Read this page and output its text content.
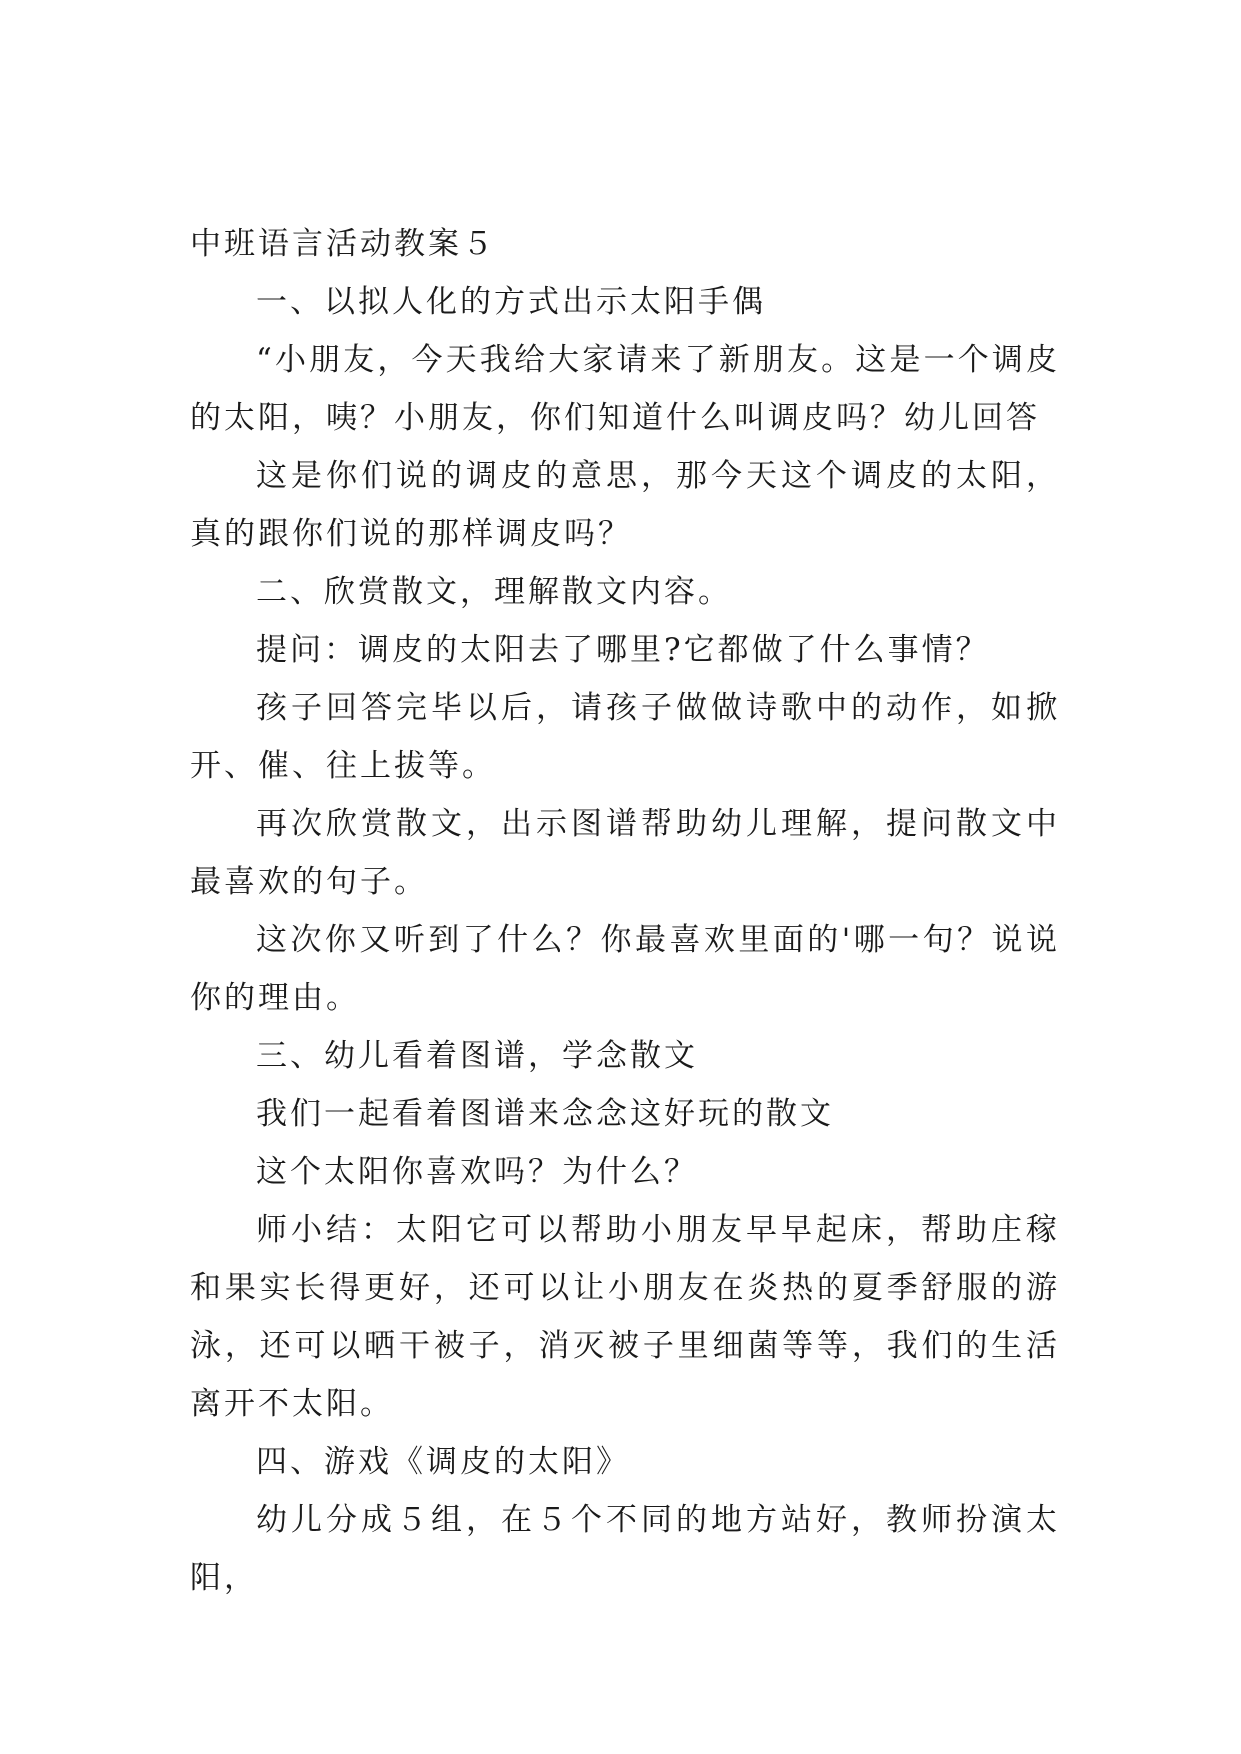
中班语言活动教案５

一、以拟人化的方式出示太阳手偶

“小朋友，今天我给大家请来了新朋友。这是一个调皮的太阳，咦？小朋友，你们知道什么叫调皮吗？幼儿回答

这是你们说的调皮的意思，那今天这个调皮的太阳，真的跟你们说的那样调皮吗？

二、欣赏散文，理解散文内容。

提问：调皮的太阳去了哪里?它都做了什么事情？

孩子回答完毕以后，请孩子做做诗歌中的动作，如掀开、催、往上拔等。

再次欣赏散文，出示图谱帮助幼儿理解，提问散文中最喜欢的句子。

这次你又听到了什么？你最喜欢里面的'哪一句？说说你的理由。

三、幼儿看着图谱，学念散文

我们一起看着图谱来念念这好玩的散文

这个太阳你喜欢吗？为什么？

师小结：太阳它可以帮助小朋友早早起床，帮助庄稼和果实长得更好，还可以让小朋友在炎热的夏季舒服的游泳，还可以晒干被子，消灭被子里细菌等等，我们的生活离开不太阳。

四、游戏《调皮的太阳》

幼儿分成５组，在５个不同的地方站好，教师扮演太阳，
